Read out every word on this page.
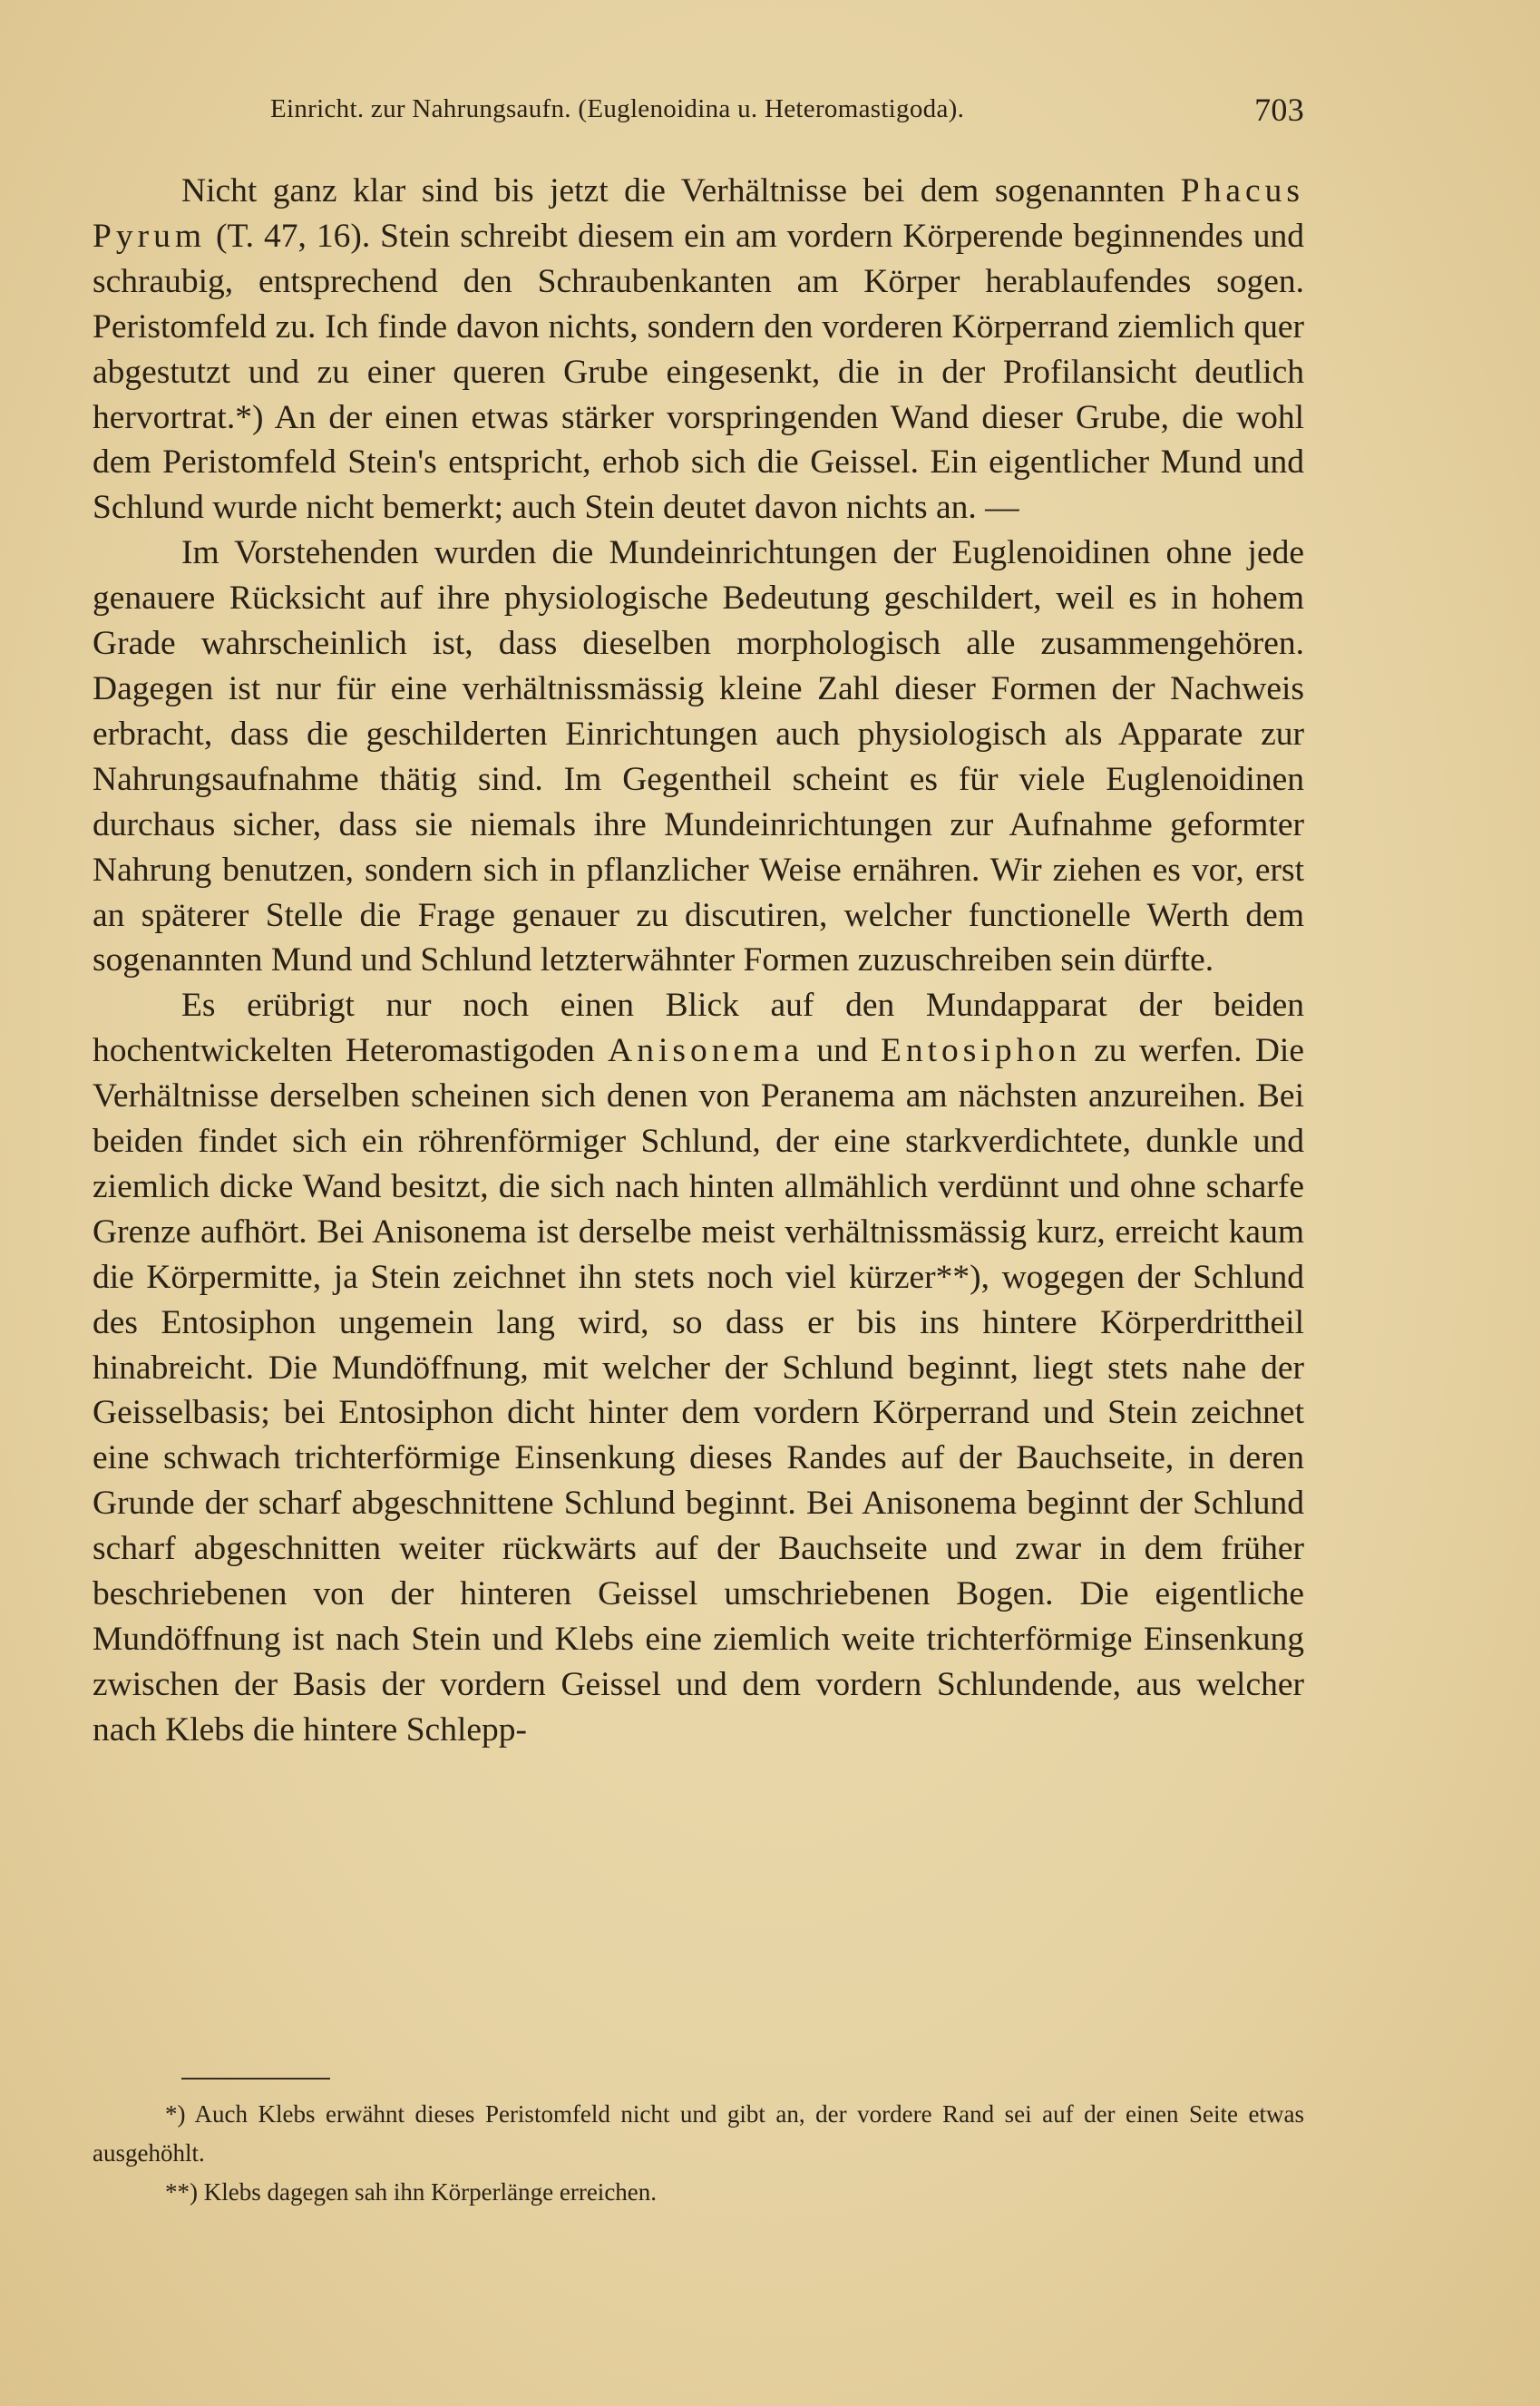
Einricht. zur Nahrungsaufn. (Euglenoidina u. Heteromastigoda).	703

Nicht ganz klar sind bis jetzt die Verhältnisse bei dem sogenannten Phacus Pyrum (T. 47, 16). Stein schreibt diesem ein am vordern Körperende beginnendes und schraubig, entsprechend den Schraubenkanten am Körper herablaufendes sogen. Peristomfeld zu. Ich finde davon nichts, sondern den vorderen Körperrand ziemlich quer abgestutzt und zu einer queren Grube eingesenkt, die in der Profilansicht deutlich hervortrat.*) An der einen etwas stärker vorspringenden Wand dieser Grube, die wohl dem Peristomfeld Stein's entspricht, erhob sich die Geissel. Ein eigentlicher Mund und Schlund wurde nicht bemerkt; auch Stein deutet davon nichts an. —

Im Vorstehenden wurden die Mundeinrichtungen der Euglenoidinen ohne jede genauere Rücksicht auf ihre physiologische Bedeutung geschildert, weil es in hohem Grade wahrscheinlich ist, dass dieselben morphologisch alle zusammengehören. Dagegen ist nur für eine verhältnissmässig kleine Zahl dieser Formen der Nachweis erbracht, dass die geschilderten Einrichtungen auch physiologisch als Apparate zur Nahrungsaufnahme thätig sind. Im Gegentheil scheint es für viele Euglenoidinen durchaus sicher, dass sie niemals ihre Mundeinrichtungen zur Aufnahme geformter Nahrung benutzen, sondern sich in pflanzlicher Weise ernähren. Wir ziehen es vor, erst an späterer Stelle die Frage genauer zu discutiren, welcher functionelle Werth dem sogenannten Mund und Schlund letzterwähnter Formen zuzuschreiben sein dürfte.

Es erübrigt nur noch einen Blick auf den Mundapparat der beiden hochentwickelten Heteromastigoden Anisonema und Entosiphon zu werfen. Die Verhältnisse derselben scheinen sich denen von Peranema am nächsten anzureihen. Bei beiden findet sich ein röhrenförmiger Schlund, der eine starkverdichtete, dunkle und ziemlich dicke Wand besitzt, die sich nach hinten allmählich verdünnt und ohne scharfe Grenze aufhört. Bei Anisonema ist derselbe meist verhältnissmässig kurz, erreicht kaum die Körpermitte, ja Stein zeichnet ihn stets noch viel kürzer**), wogegen der Schlund des Entosiphon ungemein lang wird, so dass er bis ins hintere Körperdrittheil hinabreicht. Die Mundöffnung, mit welcher der Schlund beginnt, liegt stets nahe der Geisselbasis; bei Entosiphon dicht hinter dem vordern Körperrand und Stein zeichnet eine schwach trichterförmige Einsenkung dieses Randes auf der Bauchseite, in deren Grunde der scharf abgeschnittene Schlund beginnt. Bei Anisonema beginnt der Schlund scharf abgeschnitten weiter rückwärts auf der Bauchseite und zwar in dem früher beschriebenen von der hinteren Geissel umschriebenen Bogen. Die eigentliche Mundöffnung ist nach Stein und Klebs eine ziemlich weite trichterförmige Einsenkung zwischen der Basis der vordern Geissel und dem vordern Schlundende, aus welcher nach Klebs die hintere Schlepp-

*) Auch Klebs erwähnt dieses Peristomfeld nicht und gibt an, der vordere Rand sei auf der einen Seite etwas ausgehöhlt.

**) Klebs dagegen sah ihn Körperlänge erreichen.
